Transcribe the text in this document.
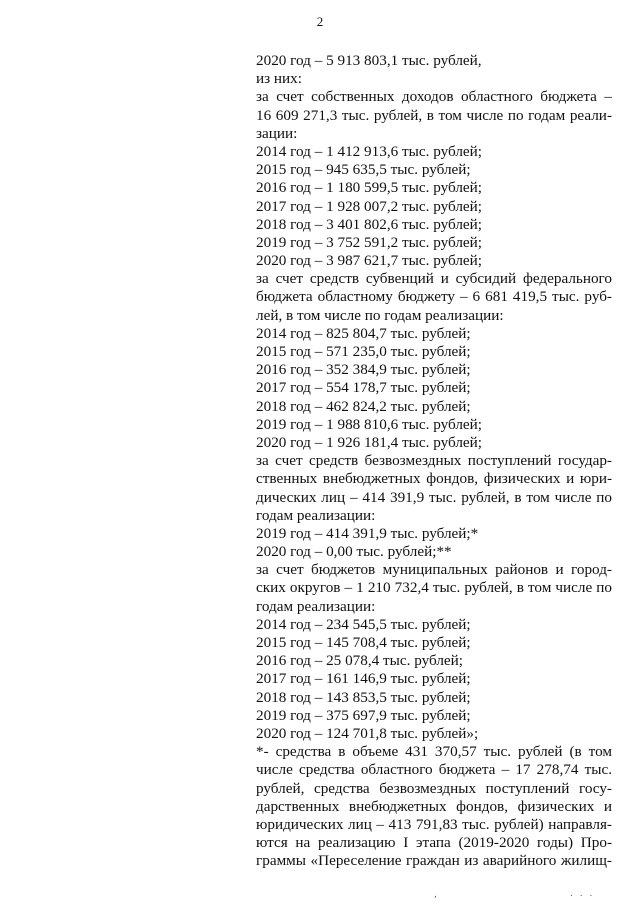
2
2020 год – 5 913 803,1 тыс. рублей,
из них:
за счет собственных доходов областного бюджета –
16 609 271,3 тыс. рублей, в том числе по годам реали-
зации:
2014 год – 1 412 913,6 тыс. рублей;
2015 год – 945 635,5 тыс. рублей;
2016 год – 1 180 599,5 тыс. рублей;
2017 год – 1 928 007,2 тыс. рублей;
2018 год – 3 401 802,6 тыс. рублей;
2019 год – 3 752 591,2 тыс. рублей;
2020 год – 3 987 621,7 тыс. рублей;
за счет средств субвенций и субсидий федерального
бюджета областному бюджету – 6 681 419,5 тыс. руб-
лей, в том числе по годам реализации:
2014 год – 825 804,7 тыс. рублей;
2015 год – 571 235,0 тыс. рублей;
2016 год – 352 384,9 тыс. рублей;
2017 год – 554 178,7 тыс. рублей;
2018 год – 462 824,2 тыс. рублей;
2019 год – 1 988 810,6 тыс. рублей;
2020 год – 1 926 181,4 тыс. рублей;
за счет средств безвозмездных поступлений государ-
ственных внебюджетных фондов, физических и юри-
дических лиц – 414 391,9 тыс. рублей, в том числе по
годам реализации:
2019 год – 414 391,9 тыс. рублей;*
2020 год – 0,00 тыс. рублей;**
за счет бюджетов муниципальных районов и город-
ских округов – 1 210 732,4 тыс. рублей, в том числе по
годам реализации:
2014 год – 234 545,5 тыс. рублей;
2015 год – 145 708,4 тыс. рублей;
2016 год – 25 078,4 тыс. рублей;
2017 год – 161 146,9 тыс. рублей;
2018 год – 143 853,5 тыс. рублей;
2019 год – 375 697,9 тыс. рублей;
2020 год – 124 701,8 тыс. рублей»;
*- средства в объеме 431 370,57 тыс. рублей (в том
числе средства областного бюджета – 17 278,74 тыс.
рублей, средства безвозмездных поступлений госу-
дарственных внебюджетных фондов, физических и
юридических лиц – 413 791,83 тыс. рублей) направля-
ются на реализацию I этапа (2019-2020 годы) Про-
граммы «Переселение граждан из аварийного жилищ-
,	. . .
